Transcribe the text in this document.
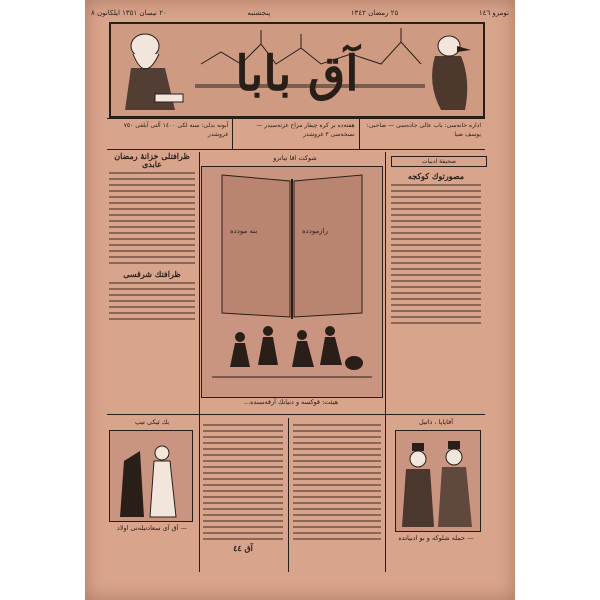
نومرو ١٤٦
٢٥ رمضان ١٣٤٢
پنجشنبه
٢٠ نیسان ١٣٥١ ایلكانون ٨
آق بابا
اداره خانه‌سی: باب عالی جاده‌سی — صاحبی: یوسف ضیا
هفته‌ده بر كره چیقار مزاح غزته‌سیدر — نسخه‌سی ٣ غروشدر
آبونه بدلی: سنه لكی ١٤٠٠ آلتی آیلغی ٧٥٠ غروشدر
ظرافتلی خزانهٔ رمضان عابدی
ظرافتك شرقسی
شوكت اقا تیاترو
بنه مودده	رازمودده
هیئت: قوكسه و دنیانك آرقه‌سنده...
صحیفهٔ ادبیات
مصورتوك كوكجه
بك ئیكی تیپ
— آق آی سعادتیله‌نی اولاد
آق ٤٤
آقاپاپا ، ذاتیل
— حمله شلوكه و بو ادبیاتده
